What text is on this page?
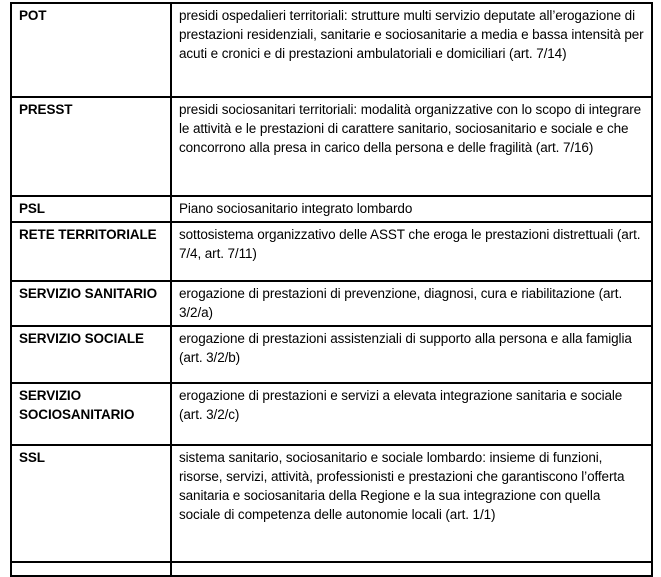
POT	presidi ospedalieri territoriali: strutture multi servizio deputate all’erogazione di prestazioni residenziali, sanitarie e sociosanitarie a media e bassa intensità per acuti e cronici e di prestazioni ambulatoriali e domiciliari (art. 7/14)
PRESST	presidi sociosanitari territoriali: modalità organizzative con lo scopo di integrare le attività e le prestazioni di carattere sanitario, sociosanitario e sociale e che concorrono alla presa in carico della persona e delle fragilità (art. 7/16)
PSL	Piano sociosanitario integrato lombardo
RETE TERRITORIALE	sottosistema organizzativo delle ASST che eroga le prestazioni distrettuali (art. 7/4, art. 7/11)
SERVIZIO SANITARIO	erogazione di prestazioni di prevenzione, diagnosi, cura e riabilitazione (art. 3/2/a)
SERVIZIO SOCIALE	erogazione di prestazioni assistenziali di supporto alla persona e alla famiglia (art. 3/2/b)
SERVIZIO SOCIOSANITARIO	erogazione di prestazioni e servizi a elevata integrazione sanitaria e sociale (art. 3/2/c)
SSL	sistema sanitario, sociosanitario e sociale lombardo: insieme di funzioni, risorse, servizi, attività, professionisti e prestazioni che garantiscono l’offerta sanitaria e sociosanitaria della Regione e la sua integrazione con quella sociale di competenza delle autonomie locali (art. 1/1)
